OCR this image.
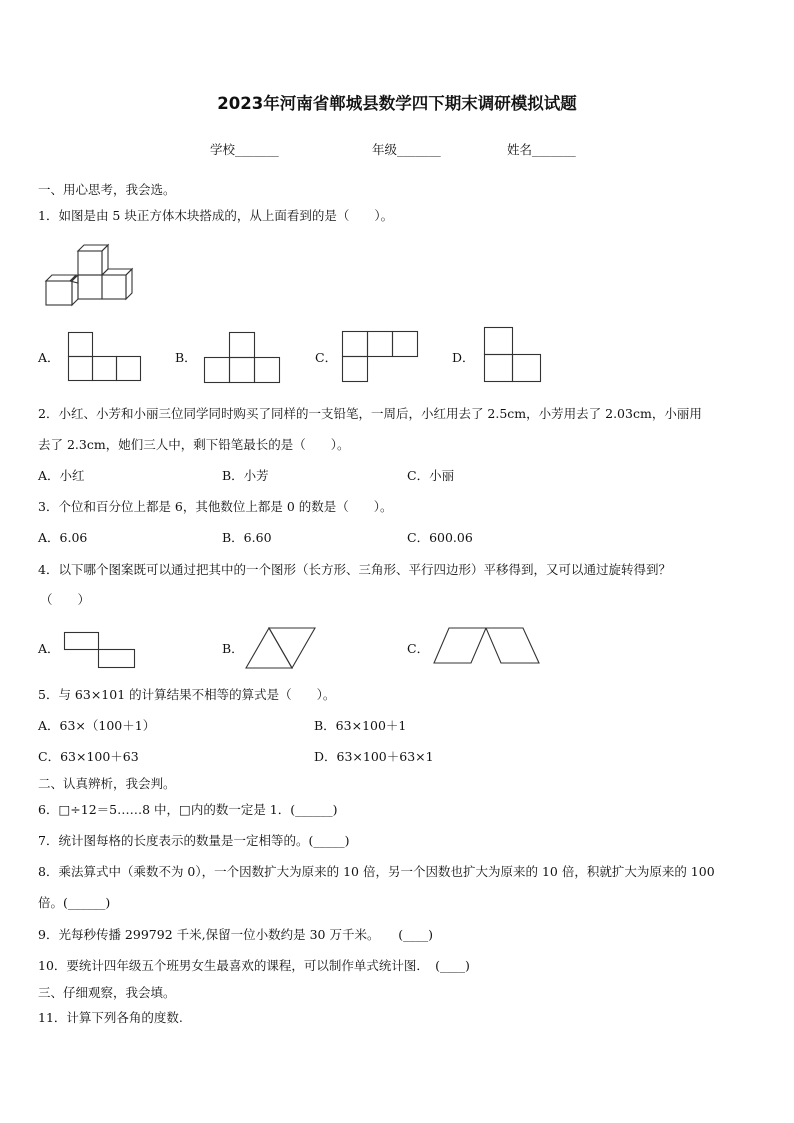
2023年河南省郸城县数学四下期末调研模拟试题
学校_______	年级_______	姓名_______
一、用心思考，我会选。
1．如图是由 5 块正方体木块搭成的，从上面看到的是（　　）。
A．	B．	C．	D．
2．小红、小芳和小丽三位同学同时购买了同样的一支铅笔，一周后，小红用去了 2.5cm，小芳用去了 2.03cm，小丽用
去了 2.3cm，她们三人中，剩下铅笔最长的是（　　）。
A．小红	B．小芳	C．小丽
3．个位和百分位上都是 6，其他数位上都是 0 的数是（　　）。
A．6.06	B．6.60	C．600.06
4．以下哪个图案既可以通过把其中的一个图形（长方形、三角形、平行四边形）平移得到，又可以通过旋转得到？
（　　）
A．	B．	C．
5．与 63×101 的计算结果不相等的算式是（　　）。
A．63×（100＋1）	B．63×100＋1
C．63×100＋63	D．63×100＋63×1
二、认真辨析，我会判。
6．□÷12＝5……8 中，□内的数一定是 1．(______)
7．统计图每格的长度表示的数量是一定相等的。(_____)
8．乘法算式中（乘数不为 0），一个因数扩大为原来的 10 倍，另一个因数也扩大为原来的 10 倍，积就扩大为原来的 100
倍。(______)
9．光每秒传播 299792 千米,保留一位小数约是 30 万千米。　　(____)
10．要统计四年级五个班男女生最喜欢的课程，可以制作单式统计图．　(____)
三、仔细观察，我会填。
11．计算下列各角的度数.
